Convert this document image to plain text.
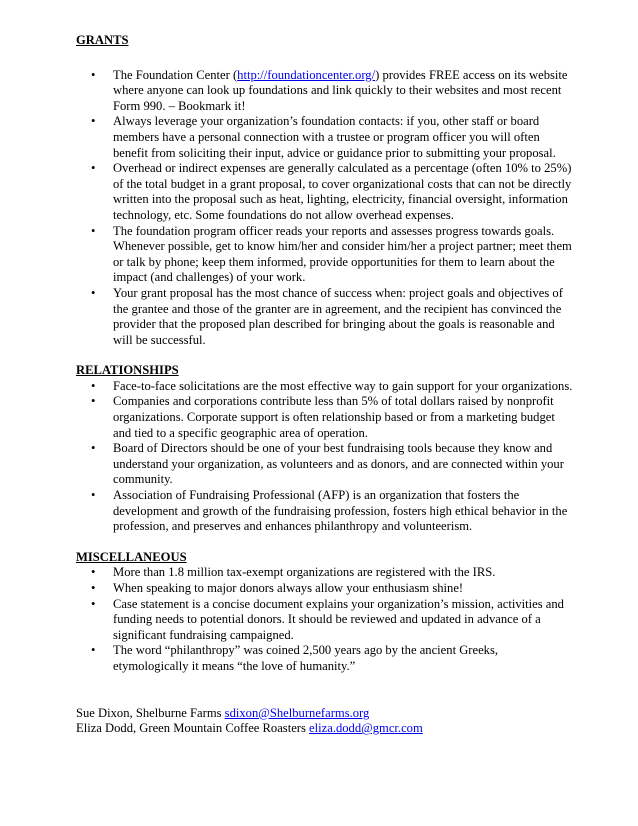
GRANTS

• The Foundation Center (http://foundationcenter.org/) provides FREE access on its website where anyone can look up foundations and link quickly to their websites and most recent Form 990. – Bookmark it!
• Always leverage your organization’s foundation contacts: if you, other staff or board members have a personal connection with a trustee or program officer you will often benefit from soliciting their input, advice or guidance prior to submitting your proposal.
• Overhead or indirect expenses are generally calculated as a percentage (often 10% to 25%) of the total budget in a grant proposal, to cover organizational costs that can not be directly written into the proposal such as heat, lighting, electricity, financial oversight, information technology, etc. Some foundations do not allow overhead expenses.
• The foundation program officer reads your reports and assesses progress towards goals. Whenever possible, get to know him/her and consider him/her a project partner; meet them or talk by phone; keep them informed, provide opportunities for them to learn about the impact (and challenges) of your work.
• Your grant proposal has the most chance of success when: project goals and objectives of the grantee and those of the granter are in agreement, and the recipient has convinced the provider that the proposed plan described for bringing about the goals is reasonable and will be successful.

RELATIONSHIPS

• Face-to-face solicitations are the most effective way to gain support for your organizations.
• Companies and corporations contribute less than 5% of total dollars raised by nonprofit organizations. Corporate support is often relationship based or from a marketing budget and tied to a specific geographic area of operation.
• Board of Directors should be one of your best fundraising tools because they know and understand your organization, as volunteers and as donors, and are connected within your community.
• Association of Fundraising Professional (AFP) is an organization that fosters the development and growth of the fundraising profession, fosters high ethical behavior in the profession, and preserves and enhances philanthropy and volunteerism.

MISCELLANEOUS

• More than 1.8 million tax-exempt organizations are registered with the IRS.
• When speaking to major donors always allow your enthusiasm shine!
• Case statement is a concise document explains your organization’s mission, activities and funding needs to potential donors. It should be reviewed and updated in advance of a significant fundraising campaigned.
• The word “philanthropy” was coined 2,500 years ago by the ancient Greeks, etymologically it means “the love of humanity.”

Sue Dixon, Shelburne Farms sdixon@Shelburnefarms.org

Eliza Dodd, Green Mountain Coffee Roasters eliza.dodd@gmcr.com
